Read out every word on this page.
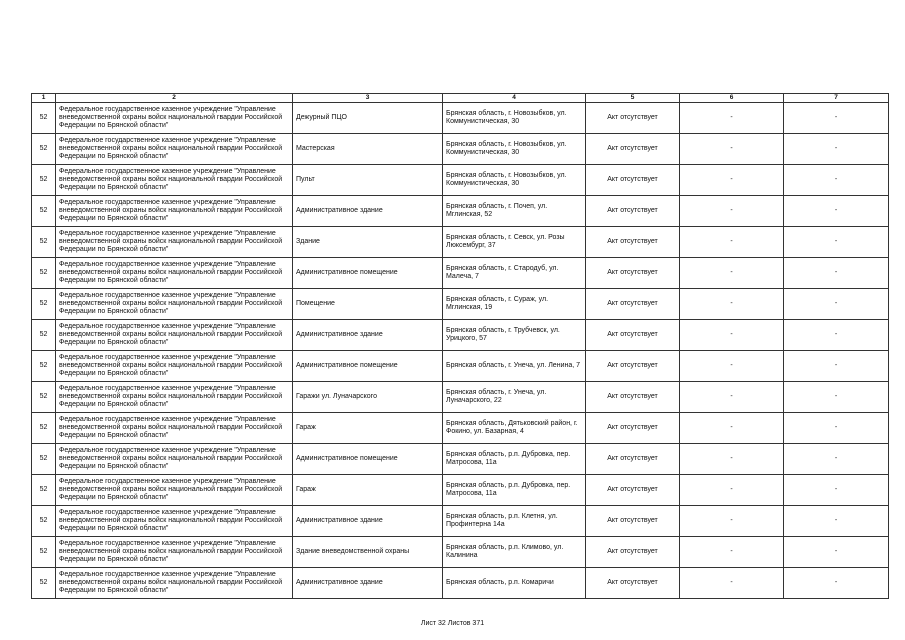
1	2	3	4	5	6	7
52	Федеральное государственное казенное учреждение "Управление вневедомственной охраны войск национальной гвардии Российской Федерации по Брянской области"	Дежурный ПЦО	Брянская область, г. Новозыбков, ул. Коммунистическая, 30	Акт отсутствует	-	-
52	Федеральное государственное казенное учреждение "Управление вневедомственной охраны войск национальной гвардии Российской Федерации по Брянской области"	Мастерская	Брянская область, г. Новозыбков, ул. Коммунистическая, 30	Акт отсутствует	-	-
52	Федеральное государственное казенное учреждение "Управление вневедомственной охраны войск национальной гвардии Российской Федерации по Брянской области"	Пульт	Брянская область, г. Новозыбков, ул. Коммунистическая, 30	Акт отсутствует	-	-
52	Федеральное государственное казенное учреждение "Управление вневедомственной охраны войск национальной гвардии Российской Федерации по Брянской области"	Административное здание	Брянская область, г. Почеп, ул. Мглинская, 52	Акт отсутствует	-	-
52	Федеральное государственное казенное учреждение "Управление вневедомственной охраны войск национальной гвардии Российской Федерации по Брянской области"	Здание	Брянская область, г. Севск, ул. Розы Люксембург, 37	Акт отсутствует	-	-
52	Федеральное государственное казенное учреждение "Управление вневедомственной охраны войск национальной гвардии Российской Федерации по Брянской области"	Административное помещение	Брянская область, г. Стародуб, ул. Малеча, 7	Акт отсутствует	-	-
52	Федеральное государственное казенное учреждение "Управление вневедомственной охраны войск национальной гвардии Российской Федерации по Брянской области"	Помещение	Брянская область, г. Сураж, ул. Мглинская, 19	Акт отсутствует	-	-
52	Федеральное государственное казенное учреждение "Управление вневедомственной охраны войск национальной гвардии Российской Федерации по Брянской области"	Административное здание	Брянская область, г. Трубчевск, ул. Урицкого, 57	Акт отсутствует	-	-
52	Федеральное государственное казенное учреждение "Управление вневедомственной охраны войск национальной гвардии Российской Федерации по Брянской области"	Административное помещение	Брянская область, г. Унеча, ул. Ленина, 7	Акт отсутствует	-	-
52	Федеральное государственное казенное учреждение "Управление вневедомственной охраны войск национальной гвардии Российской Федерации по Брянской области"	Гаражи ул. Луначарского	Брянская область, г. Унеча, ул. Луначарского, 22	Акт отсутствует	-	-
52	Федеральное государственное казенное учреждение "Управление вневедомственной охраны войск национальной гвардии Российской Федерации по Брянской области"	Гараж	Брянская область, Дятьковский район, г. Фокино, ул. Базарная, 4	Акт отсутствует	-	-
52	Федеральное государственное казенное учреждение "Управление вневедомственной охраны войск национальной гвардии Российской Федерации по Брянской области"	Административное помещение	Брянская область, р.п. Дубровка, пер. Матросова, 11а	Акт отсутствует	-	-
52	Федеральное государственное казенное учреждение "Управление вневедомственной охраны войск национальной гвардии Российской Федерации по Брянской области"	Гараж	Брянская область, р.п. Дубровка, пер. Матросова, 11а	Акт отсутствует	-	-
52	Федеральное государственное казенное учреждение "Управление вневедомственной охраны войск национальной гвардии Российской Федерации по Брянской области"	Административное здание	Брянская область, р.п. Клетня, ул. Профинтерна 14а	Акт отсутствует	-	-
52	Федеральное государственное казенное учреждение "Управление вневедомственной охраны войск национальной гвардии Российской Федерации по Брянской области"	Здание вневедомственной охраны	Брянская область, р.п. Климово, ул. Калинина	Акт отсутствует	-	-
52	Федеральное государственное казенное учреждение "Управление вневедомственной охраны войск национальной гвардии Российской Федерации по Брянской области"	Административное здание	Брянская область, р.п. Комаричи	Акт отсутствует	-	-
Лист 32 Листов 371
